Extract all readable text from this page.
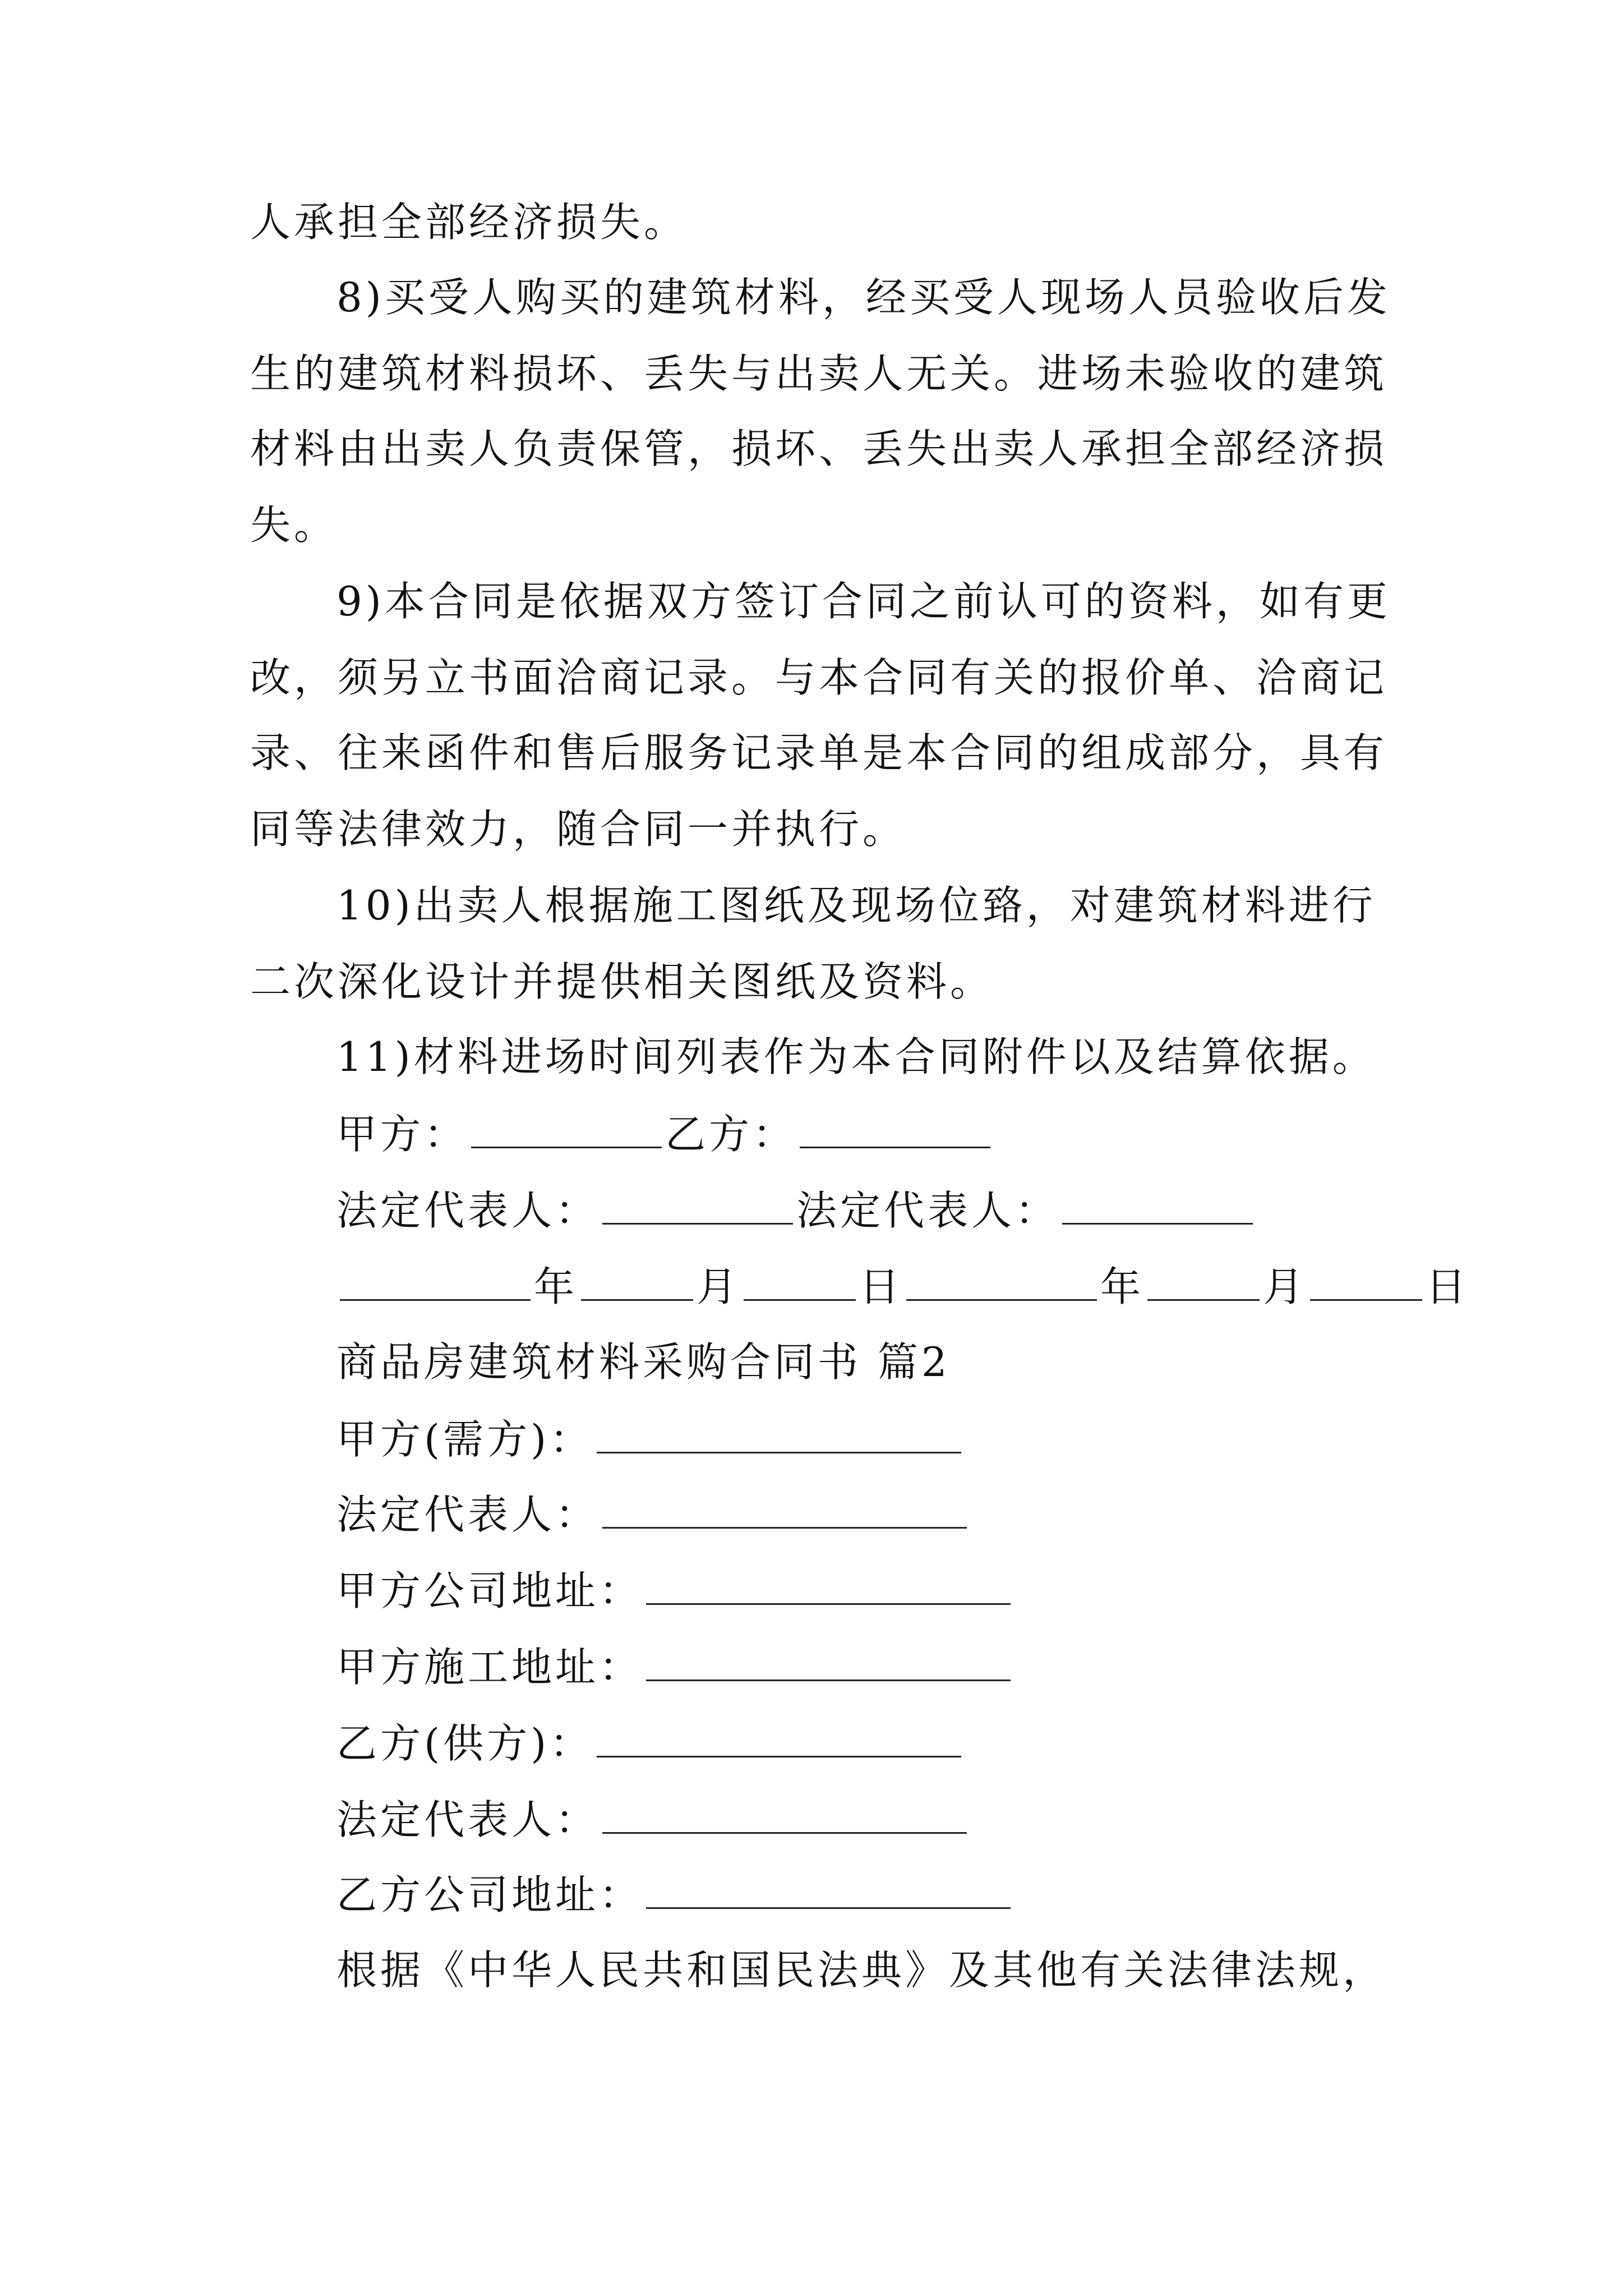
人承担全部经济损失。
8)买受人购买的建筑材料，经买受人现场人员验收后发
生的建筑材料损坏、丢失与出卖人无关。进场未验收的建筑
材料由出卖人负责保管，损坏、丢失出卖人承担全部经济损
失。
9)本合同是依据双方签订合同之前认可的资料，如有更
改，须另立书面洽商记录。与本合同有关的报价单、洽商记
录、往来函件和售后服务记录单是本合同的组成部分，具有
同等法律效力，随合同一并执行。
10)出卖人根据施工图纸及现场位臵，对建筑材料进行
二次深化设计并提供相关图纸及资料。
11)材料进场时间列表作为本合同附件以及结算依据。
甲方：	乙方：
法定代表人：	法定代表人：
年	月	日	年	月	日
商品房建筑材料采购合同书 篇2
甲方(需方)：
法定代表人：
甲方公司地址：
甲方施工地址：
乙方(供方)：
法定代表人：
乙方公司地址：
根据《中华人民共和国民法典》及其他有关法律法规，
